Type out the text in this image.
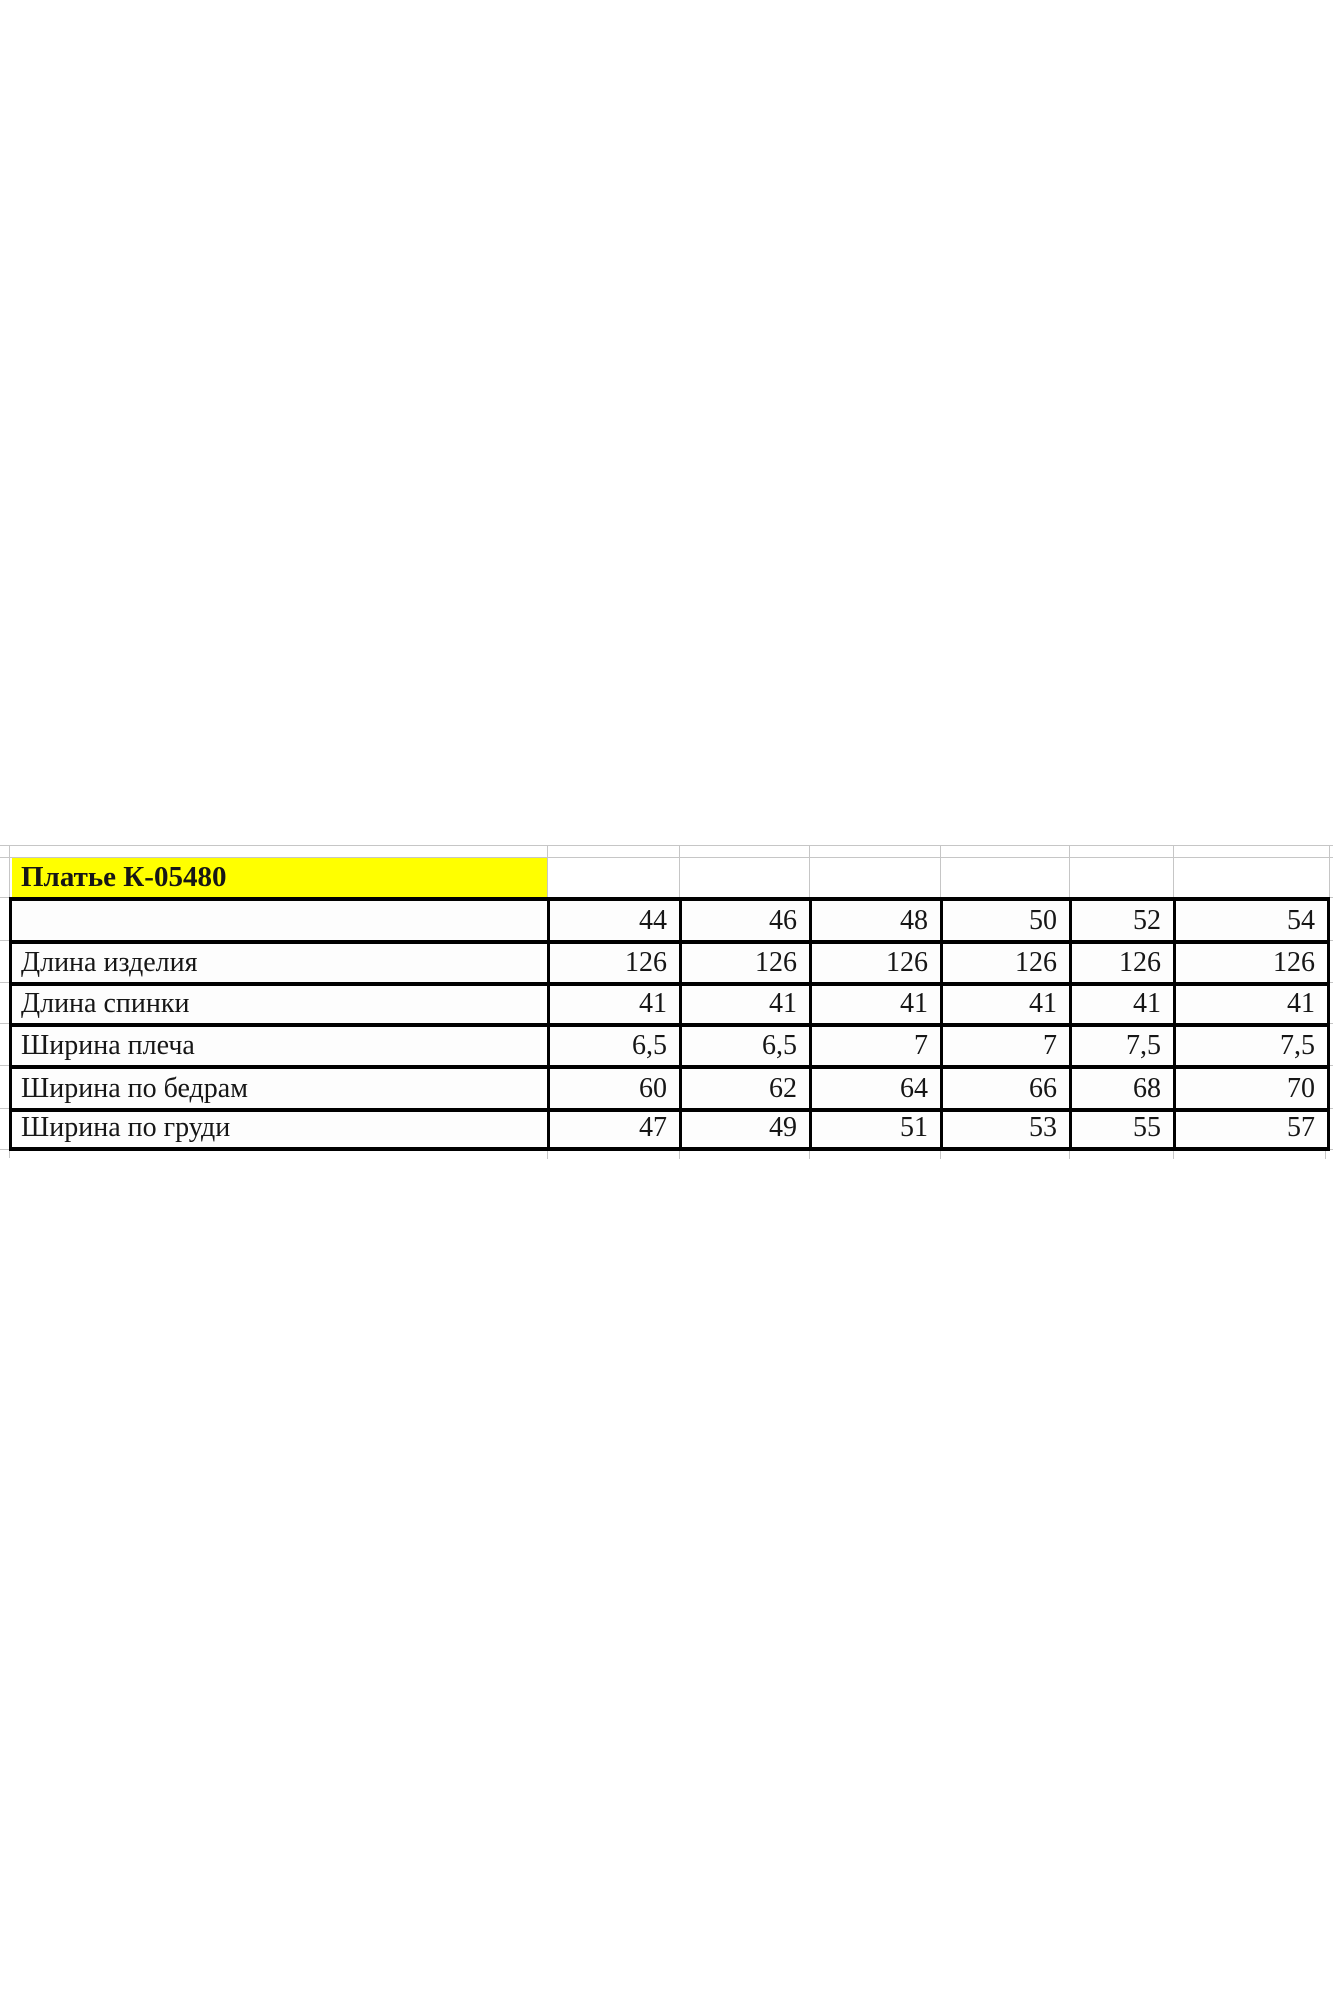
Платье К-05480
	44	46	48	50	52	54
Длина изделия	126	126	126	126	126	126
Длина спинки	41	41	41	41	41	41
Ширина плеча	6,5	6,5	7	7	7,5	7,5
Ширина по бедрам	60	62	64	66	68	70
Ширина по груди	47	49	51	53	55	57
